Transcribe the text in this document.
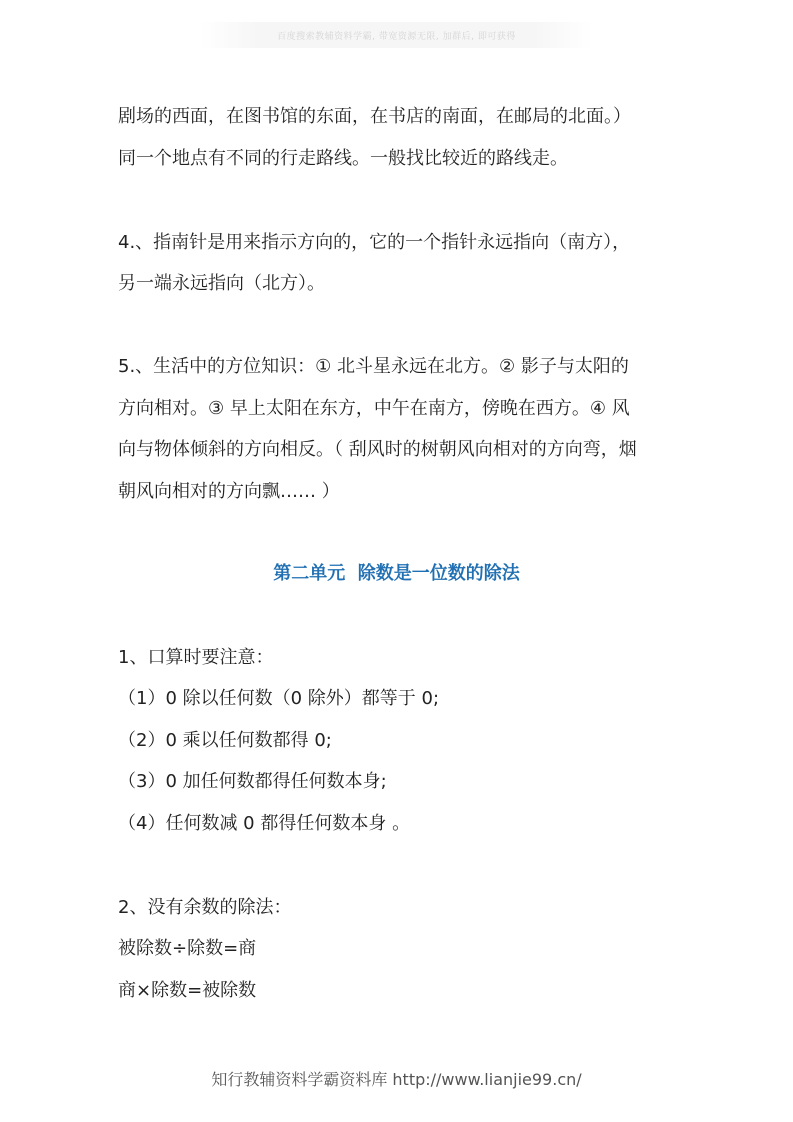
百度搜索教辅资料学霸, 带宽资源无限, 加群后, 即可获得
剧场的西面，在图书馆的东面，在书店的南面，在邮局的北面。）
同一个地点有不同的行走路线。一般找比较近的路线走。
4.、指南针是用来指示方向的，它的一个指针永远指向（南方），
另一端永远指向（北方）。
5.、生活中的方位知识：① 北斗星永远在北方。② 影子与太阳的
方向相对。③ 早上太阳在东方，中午在南方，傍晚在西方。④ 风
向与物体倾斜的方向相反。（ 刮风时的树朝风向相对的方向弯，烟
朝风向相对的方向飘…… ）
第二单元  除数是一位数的除法
1、口算时要注意：
（1）0 除以任何数（0 除外）都等于 0;
（2）0 乘以任何数都得 0;
（3）0 加任何数都得任何数本身;
（4）任何数减 0 都得任何数本身 。
2、没有余数的除法：
被除数÷除数=商
商×除数=被除数
知行教辅资料学霸资料库 http://www.lianjie99.cn/
